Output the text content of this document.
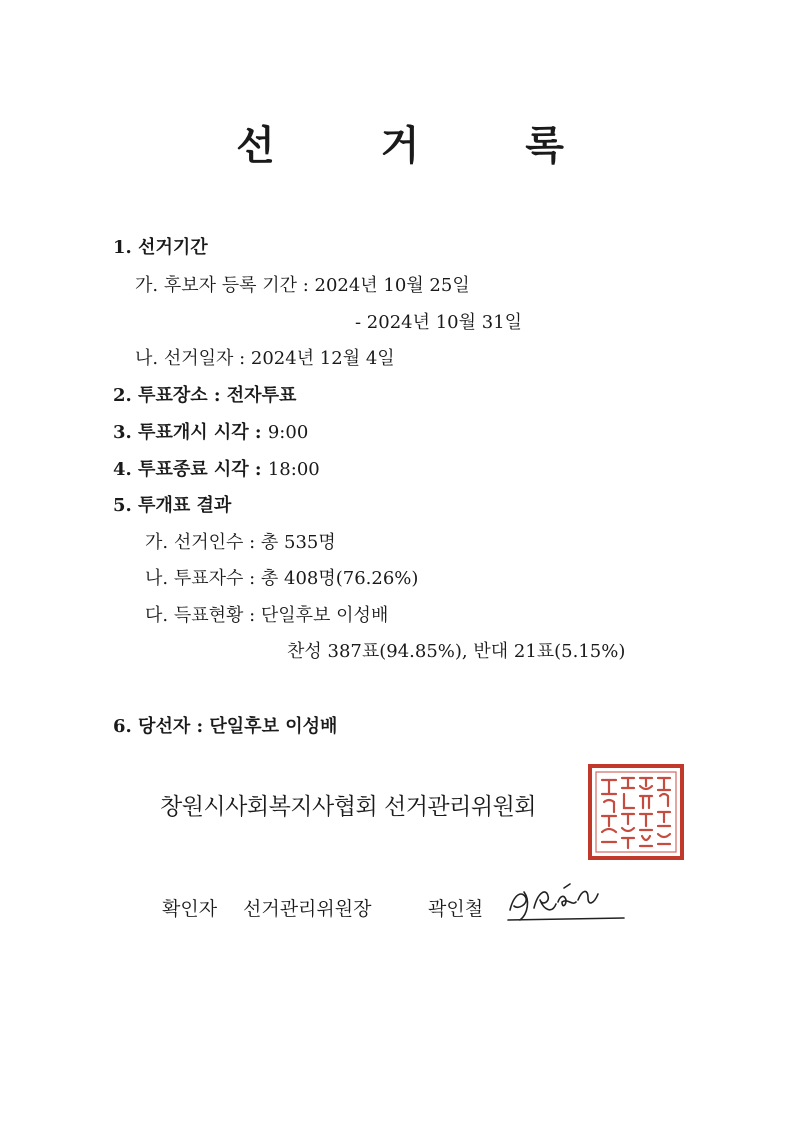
선 거 록
1. 선거기간
가. 후보자 등록 기간 : 2024년 10월 25일
- 2024년 10월 31일
나. 선거일자 : 2024년 12월 4일
2. 투표장소 : 전자투표
3. 투표개시 시각 : 9:00
4. 투표종료 시각 : 18:00
5. 투개표 결과
가. 선거인수 : 총 535명
나. 투표자수 : 총 408명(76.26%)
다. 득표현황 : 단일후보 이성배
찬성 387표(94.85%), 반대 21표(5.15%)
6. 당선자 : 단일후보 이성배
창원시사회복지사협회 선거관리위원회
확인자 선거관리위원장	곽인철
